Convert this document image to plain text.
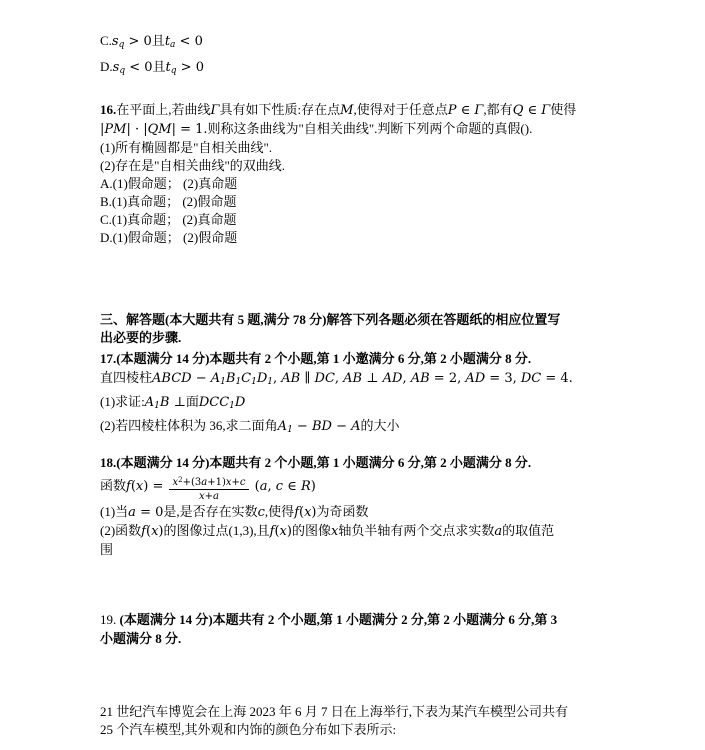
C.sq > 0且ta < 0
D.sq < 0且tq > 0
16.在平面上,若曲线Γ具有如下性质:存在点M,使得对于任意点P ∈ Γ,都有Q ∈ Γ使得
|PM| · |QM| = 1.则称这条曲线为"自相关曲线".判断下列两个命题的真假().
(1)所有椭圆都是"自相关曲线".
(2)存在是"自相关曲线"的双曲线.
A.(1)假命题； (2)真命题
B.(1)真命题； (2)假命题
C.(1)真命题； (2)真命题
D.(1)假命题； (2)假命题
三、解答题(本大题共有 5 题,满分 78 分)解答下列各题必须在答题纸的相应位置写
出必要的步骤.
17.(本题满分 14 分)本题共有 2 个小题,第 1 小邀满分 6 分,第 2 小题满分 8 分.
直四棱柱ABCD − A1B1C1D1, AB ∥ DC, AB ⊥ AD, AB = 2, AD = 3, DC = 4.
(1)求证:A1B ⊥面DCC1D
(2)若四棱柱体积为 36,求二面角A1 − BD − A的大小
18.(本题满分 14 分)本题共有 2 个小题,第 1 小题满分 6 分,第 2 小题满分 8 分.
函数$f(x) = \frac{x^2+(3a+1)x+c}{x+a} (a$, c ∈ R)
(1)当a = 0是,是否存在实数c,使得f(x)为奇函数
(2)函数f(x)的图像过点(1,3),且f(x)的图像x轴负半轴有两个交点求实数a的取值范
围
19. (本题满分 14 分)本题共有 2 个小题,第 1 小题满分 2 分,第 2 小题满分 6 分,第 3
小题满分 8 分.
21 世纪汽车博览会在上海 2023 年 6 月 7 日在上海举行,下表为某汽车模型公司共有
25 个汽车模型,其外观和内饰的颜色分布如下表所示:
